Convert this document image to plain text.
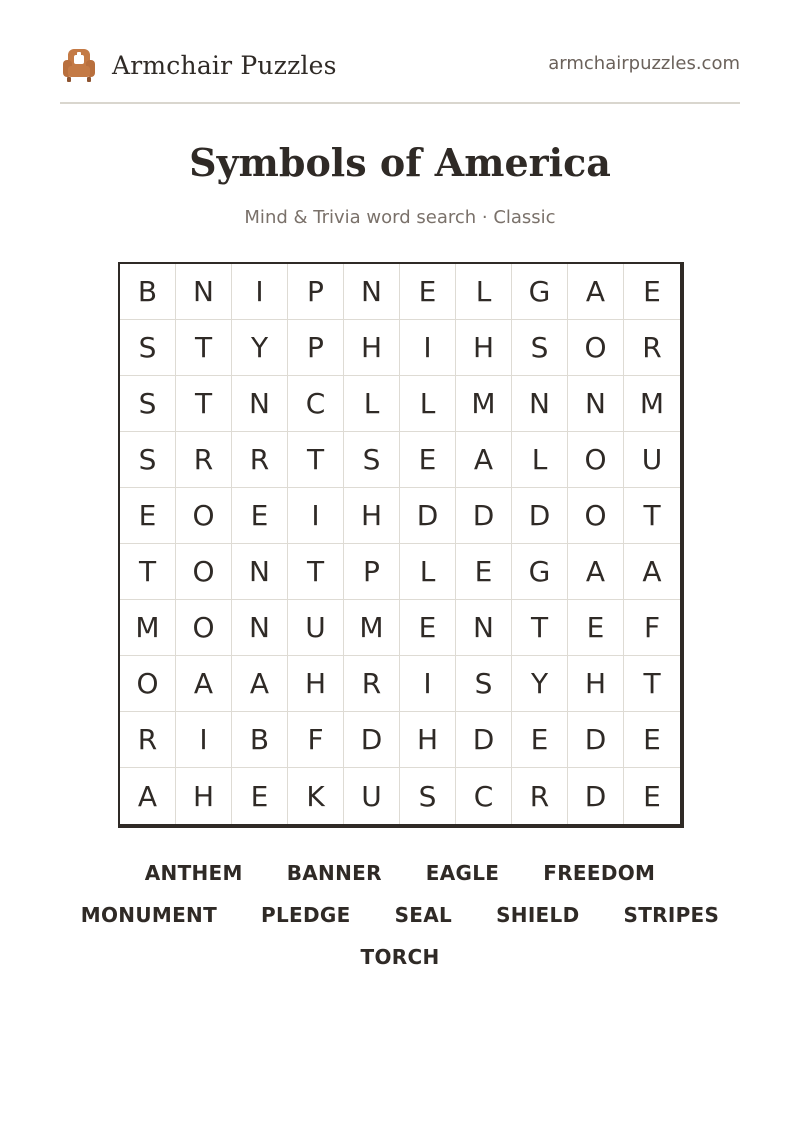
Armchair Puzzles	armchairpuzzles.com
Symbols of America
Mind & Trivia word search · Classic
B	N	I	P	N	E	L	G	A	E
S	T	Y	P	H	I	H	S	O	R
S	T	N	C	L	L	M	N	N	M
S	R	R	T	S	E	A	L	O	U
E	O	E	I	H	D	D	D	O	T
T	O	N	T	P	L	E	G	A	A
M	O	N	U	M	E	N	T	E	F
O	A	A	H	R	I	S	Y	H	T
R	I	B	F	D	H	D	E	D	E
A	H	E	K	U	S	C	R	D	E
ANTHEM BANNER EAGLE FREEDOM
MONUMENT PLEDGE SEAL SHIELD STRIPES
TORCH
